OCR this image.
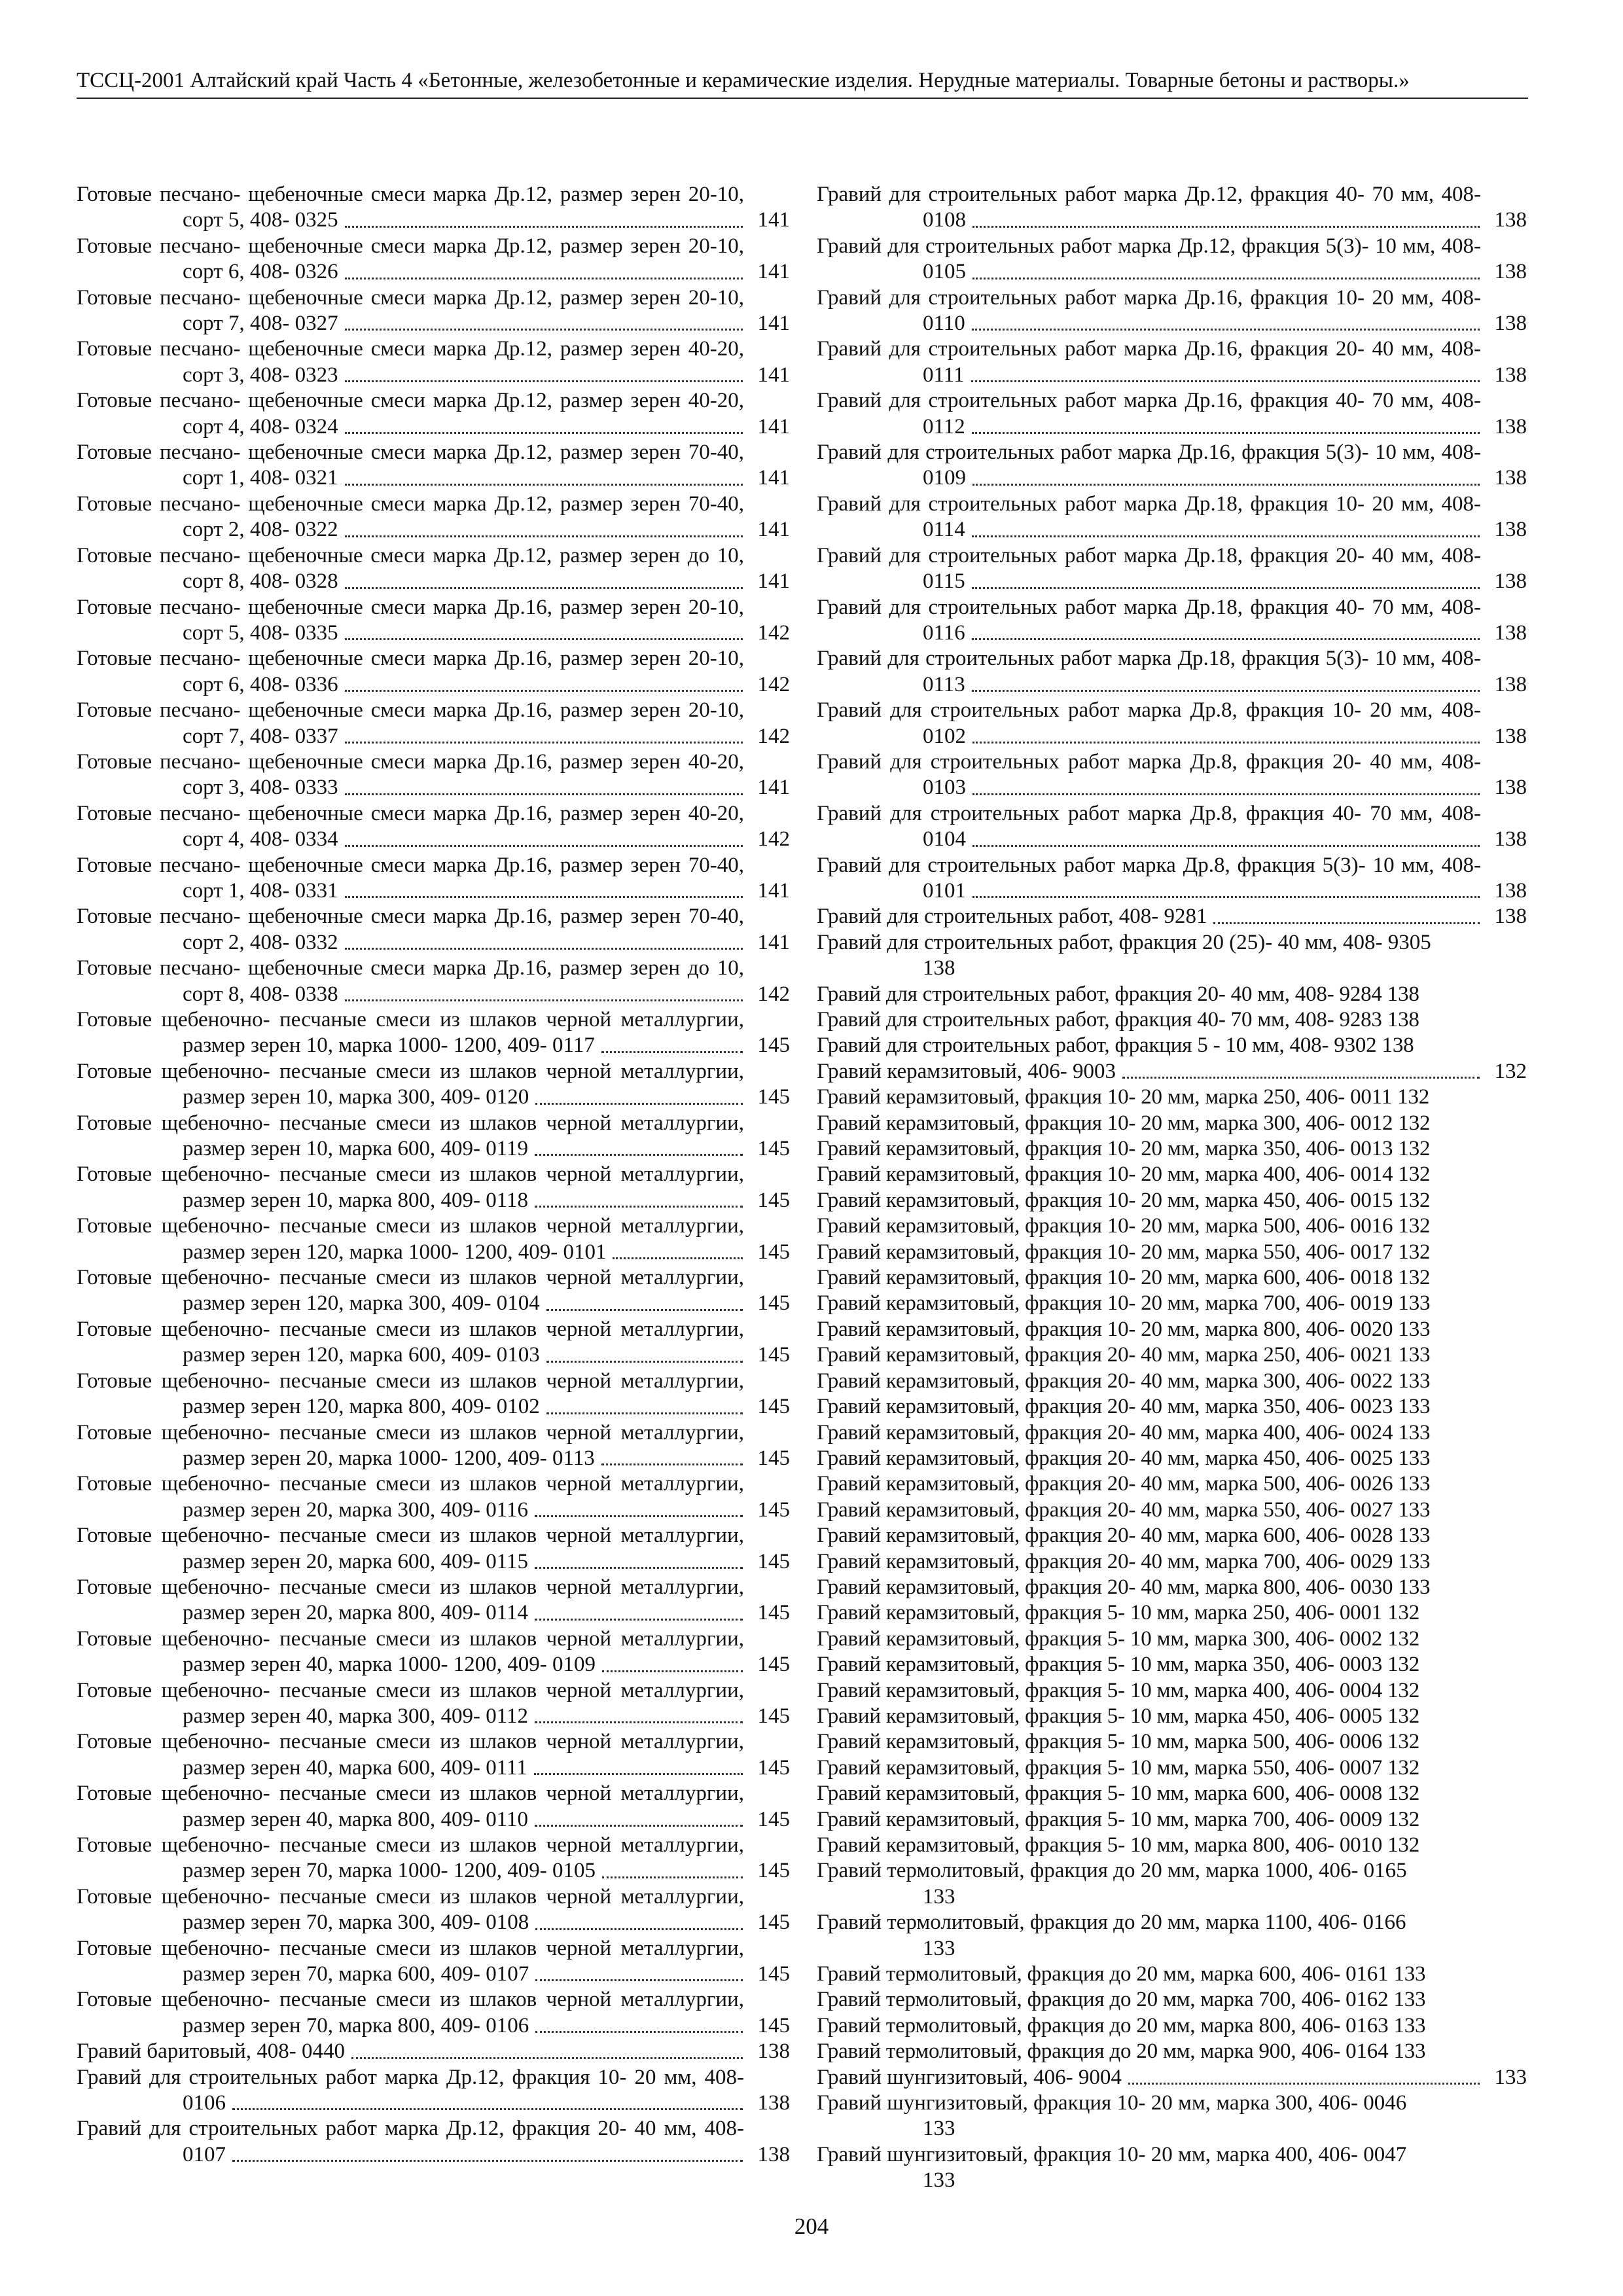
ТССЦ-2001 Алтайский край Часть 4 «Бетонные, железобетонные и керамические изделия. Нерудные материалы. Товарные бетоны и растворы.»
Готовые песчано- щебеночные смеси марка Др.12, размер зерен 20-10, сорт 5, 408- 0325	141
Готовые песчано- щебеночные смеси марка Др.12, размер зерен 20-10, сорт 6, 408- 0326	141
Готовые песчано- щебеночные смеси марка Др.12, размер зерен 20-10, сорт 7, 408- 0327	141
Готовые песчано- щебеночные смеси марка Др.12, размер зерен 40-20, сорт 3, 408- 0323	141
Готовые песчано- щебеночные смеси марка Др.12, размер зерен 40-20, сорт 4, 408- 0324	141
Готовые песчано- щебеночные смеси марка Др.12, размер зерен 70-40, сорт 1, 408- 0321	141
Готовые песчано- щебеночные смеси марка Др.12, размер зерен 70-40, сорт 2, 408- 0322	141
Готовые песчано- щебеночные смеси марка Др.12, размер зерен до 10, сорт 8, 408- 0328	141
Готовые песчано- щебеночные смеси марка Др.16, размер зерен 20-10, сорт 5, 408- 0335	142
Готовые песчано- щебеночные смеси марка Др.16, размер зерен 20-10, сорт 6, 408- 0336	142
Готовые песчано- щебеночные смеси марка Др.16, размер зерен 20-10, сорт 7, 408- 0337	142
Готовые песчано- щебеночные смеси марка Др.16, размер зерен 40-20, сорт 3, 408- 0333	141
Готовые песчано- щебеночные смеси марка Др.16, размер зерен 40-20, сорт 4, 408- 0334	142
Готовые песчано- щебеночные смеси марка Др.16, размер зерен 70-40, сорт 1, 408- 0331	141
Готовые песчано- щебеночные смеси марка Др.16, размер зерен 70-40, сорт 2, 408- 0332	141
Готовые песчано- щебеночные смеси марка Др.16, размер зерен до 10, сорт 8, 408- 0338	142
Готовые щебеночно- песчаные смеси из шлаков черной металлургии, размер зерен 10, марка 1000- 1200, 409- 0117	145
Готовые щебеночно- песчаные смеси из шлаков черной металлургии, размер зерен 10, марка 300, 409- 0120	145
Готовые щебеночно- песчаные смеси из шлаков черной металлургии, размер зерен 10, марка 600, 409- 0119	145
Готовые щебеночно- песчаные смеси из шлаков черной металлургии, размер зерен 10, марка 800, 409- 0118	145
Готовые щебеночно- песчаные смеси из шлаков черной металлургии, размер зерен 120, марка 1000- 1200, 409- 0101	145
Готовые щебеночно- песчаные смеси из шлаков черной металлургии, размер зерен 120, марка 300, 409- 0104	145
Готовые щебеночно- песчаные смеси из шлаков черной металлургии, размер зерен 120, марка 600, 409- 0103	145
Готовые щебеночно- песчаные смеси из шлаков черной металлургии, размер зерен 120, марка 800, 409- 0102	145
Готовые щебеночно- песчаные смеси из шлаков черной металлургии, размер зерен 20, марка 1000- 1200, 409- 0113	145
Готовые щебеночно- песчаные смеси из шлаков черной металлургии, размер зерен 20, марка 300, 409- 0116	145
Готовые щебеночно- песчаные смеси из шлаков черной металлургии, размер зерен 20, марка 600, 409- 0115	145
Готовые щебеночно- песчаные смеси из шлаков черной металлургии, размер зерен 20, марка 800, 409- 0114	145
Готовые щебеночно- песчаные смеси из шлаков черной металлургии, размер зерен 40, марка 1000- 1200, 409- 0109	145
Готовые щебеночно- песчаные смеси из шлаков черной металлургии, размер зерен 40, марка 300, 409- 0112	145
Готовые щебеночно- песчаные смеси из шлаков черной металлургии, размер зерен 40, марка 600, 409- 0111	145
Готовые щебеночно- песчаные смеси из шлаков черной металлургии, размер зерен 40, марка 800, 409- 0110	145
Готовые щебеночно- песчаные смеси из шлаков черной металлургии, размер зерен 70, марка 1000- 1200, 409- 0105	145
Готовые щебеночно- песчаные смеси из шлаков черной металлургии, размер зерен 70, марка 300, 409- 0108	145
Готовые щебеночно- песчаные смеси из шлаков черной металлургии, размер зерен 70, марка 600, 409- 0107	145
Готовые щебеночно- песчаные смеси из шлаков черной металлургии, размер зерен 70, марка 800, 409- 0106	145
Гравий баритовый, 408- 0440	138
Гравий для строительных работ марка Др.12, фракция 10- 20 мм, 408- 0106	138
Гравий для строительных работ марка Др.12, фракция 20- 40 мм, 408- 0107	138
Гравий для строительных работ марка Др.12, фракция 40- 70 мм, 408- 0108	138
Гравий для строительных работ марка Др.12, фракция 5(3)- 10 мм, 408- 0105	138
Гравий для строительных работ марка Др.16, фракция 10- 20 мм, 408- 0110	138
Гравий для строительных работ марка Др.16, фракция 20- 40 мм, 408- 0111	138
Гравий для строительных работ марка Др.16, фракция 40- 70 мм, 408- 0112	138
Гравий для строительных работ марка Др.16, фракция 5(3)- 10 мм, 408- 0109	138
Гравий для строительных работ марка Др.18, фракция 10- 20 мм, 408- 0114	138
Гравий для строительных работ марка Др.18, фракция 20- 40 мм, 408- 0115	138
Гравий для строительных работ марка Др.18, фракция 40- 70 мм, 408- 0116	138
Гравий для строительных работ марка Др.18, фракция 5(3)- 10 мм, 408- 0113	138
Гравий для строительных работ марка Др.8, фракция 10- 20 мм, 408- 0102	138
Гравий для строительных работ марка Др.8, фракция 20- 40 мм, 408- 0103	138
Гравий для строительных работ марка Др.8, фракция 40- 70 мм, 408- 0104	138
Гравий для строительных работ марка Др.8, фракция 5(3)- 10 мм, 408- 0101	138
Гравий для строительных работ, 408- 9281	138
Гравий для строительных работ, фракция 20 (25)- 40 мм, 408- 9305
138
Гравий для строительных работ, фракция 20- 40 мм, 408- 9284 138
Гравий для строительных работ, фракция 40- 70 мм, 408- 9283 138
Гравий для строительных работ, фракция 5 - 10 мм, 408- 9302 138
Гравий керамзитовый, 406- 9003	132
Гравий керамзитовый, фракция 10- 20 мм, марка 250, 406- 0011 132
Гравий керамзитовый, фракция 10- 20 мм, марка 300, 406- 0012 132
Гравий керамзитовый, фракция 10- 20 мм, марка 350, 406- 0013 132
Гравий керамзитовый, фракция 10- 20 мм, марка 400, 406- 0014 132
Гравий керамзитовый, фракция 10- 20 мм, марка 450, 406- 0015 132
Гравий керамзитовый, фракция 10- 20 мм, марка 500, 406- 0016 132
Гравий керамзитовый, фракция 10- 20 мм, марка 550, 406- 0017 132
Гравий керамзитовый, фракция 10- 20 мм, марка 600, 406- 0018 132
Гравий керамзитовый, фракция 10- 20 мм, марка 700, 406- 0019 133
Гравий керамзитовый, фракция 10- 20 мм, марка 800, 406- 0020 133
Гравий керамзитовый, фракция 20- 40 мм, марка 250, 406- 0021 133
Гравий керамзитовый, фракция 20- 40 мм, марка 300, 406- 0022 133
Гравий керамзитовый, фракция 20- 40 мм, марка 350, 406- 0023 133
Гравий керамзитовый, фракция 20- 40 мм, марка 400, 406- 0024 133
Гравий керамзитовый, фракция 20- 40 мм, марка 450, 406- 0025 133
Гравий керамзитовый, фракция 20- 40 мм, марка 500, 406- 0026 133
Гравий керамзитовый, фракция 20- 40 мм, марка 550, 406- 0027 133
Гравий керамзитовый, фракция 20- 40 мм, марка 600, 406- 0028 133
Гравий керамзитовый, фракция 20- 40 мм, марка 700, 406- 0029 133
Гравий керамзитовый, фракция 20- 40 мм, марка 800, 406- 0030 133
Гравий керамзитовый, фракция 5- 10 мм, марка 250, 406- 0001 132
Гравий керамзитовый, фракция 5- 10 мм, марка 300, 406- 0002 132
Гравий керамзитовый, фракция 5- 10 мм, марка 350, 406- 0003 132
Гравий керамзитовый, фракция 5- 10 мм, марка 400, 406- 0004 132
Гравий керамзитовый, фракция 5- 10 мм, марка 450, 406- 0005 132
Гравий керамзитовый, фракция 5- 10 мм, марка 500, 406- 0006 132
Гравий керамзитовый, фракция 5- 10 мм, марка 550, 406- 0007 132
Гравий керамзитовый, фракция 5- 10 мм, марка 600, 406- 0008 132
Гравий керамзитовый, фракция 5- 10 мм, марка 700, 406- 0009 132
Гравий керамзитовый, фракция 5- 10 мм, марка 800, 406- 0010 132
Гравий термолитовый, фракция до 20 мм, марка 1000, 406- 0165
133
Гравий термолитовый, фракция до 20 мм, марка 1100, 406- 0166
133
Гравий термолитовый, фракция до 20 мм, марка 600, 406- 0161 133
Гравий термолитовый, фракция до 20 мм, марка 700, 406- 0162 133
Гравий термолитовый, фракция до 20 мм, марка 800, 406- 0163 133
Гравий термолитовый, фракция до 20 мм, марка 900, 406- 0164 133
Гравий шунгизитовый, 406- 9004	133
Гравий шунгизитовый, фракция 10- 20 мм, марка 300, 406- 0046
133
Гравий шунгизитовый, фракция 10- 20 мм, марка 400, 406- 0047
133
204
